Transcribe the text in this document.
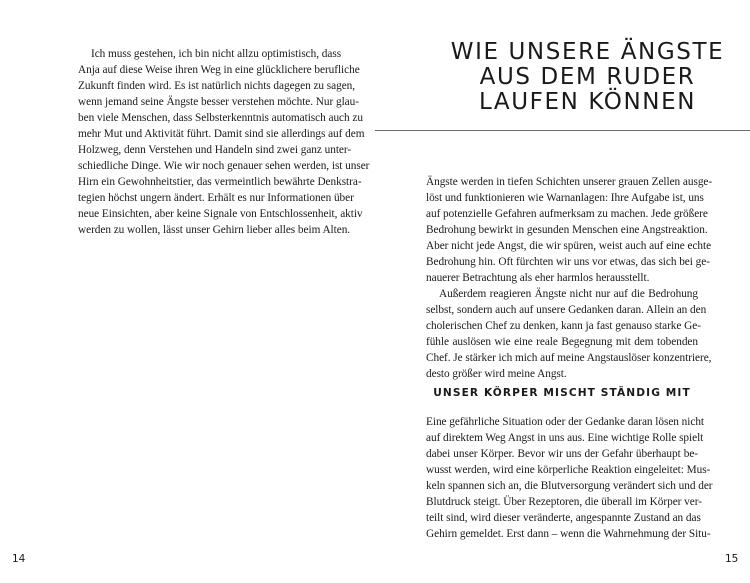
Ich muss gestehen, ich bin nicht allzu optimistisch, dass
Anja auf diese Weise ihren Weg in eine glücklichere berufliche
Zukunft finden wird. Es ist natürlich nichts dagegen zu sagen,
wenn jemand seine Ängste besser verstehen möchte. Nur glau-
ben viele Menschen, dass Selbsterkenntnis automatisch auch zu
mehr Mut und Aktivität führt. Damit sind sie allerdings auf dem
Holzweg, denn Verstehen und Handeln sind zwei ganz unter-
schiedliche Dinge. Wie wir noch genauer sehen werden, ist unser
Hirn ein Gewohnheitstier, das vermeintlich bewährte Denkstra-
tegien höchst ungern ändert. Erhält es nur Informationen über
neue Einsichten, aber keine Signale von Entschlossenheit, aktiv
werden zu wollen, lässt unser Gehirn lieber alles beim Alten.
14
WIE UNSERE ÄNGSTE
AUS DEM RUDER
LAUFEN KÖNNEN
Ängste werden in tiefen Schichten unserer grauen Zellen ausge-
löst und funktionieren wie Warnanlagen: Ihre Aufgabe ist, uns
auf potenzielle Gefahren aufmerksam zu machen. Jede größere
Bedrohung bewirkt in gesunden Menschen eine Angstreaktion.
Aber nicht jede Angst, die wir spüren, weist auch auf eine echte
Bedrohung hin. Oft fürchten wir uns vor etwas, das sich bei ge-
nauerer Betrachtung als eher harmlos herausstellt.
Außerdem reagieren Ängste nicht nur auf die Bedrohung
selbst, sondern auch auf unsere Gedanken daran. Allein an den
cholerischen Chef zu denken, kann ja fast genauso starke Ge-
fühle auslösen wie eine reale Begegnung mit dem tobenden
Chef. Je stärker ich mich auf meine Angstauslöser konzentriere,
desto größer wird meine Angst.
UNSER KÖRPER MISCHT STÄNDIG MIT
Eine gefährliche Situation oder der Gedanke daran lösen nicht
auf direktem Weg Angst in uns aus. Eine wichtige Rolle spielt
dabei unser Körper. Bevor wir uns der Gefahr überhaupt be-
wusst werden, wird eine körperliche Reaktion eingeleitet: Mus-
keln spannen sich an, die Blutversorgung verändert sich und der
Blutdruck steigt. Über Rezeptoren, die überall im Körper ver-
teilt sind, wird dieser veränderte, angespannte Zustand an das
Gehirn gemeldet. Erst dann – wenn die Wahrnehmung der Situ-
15
